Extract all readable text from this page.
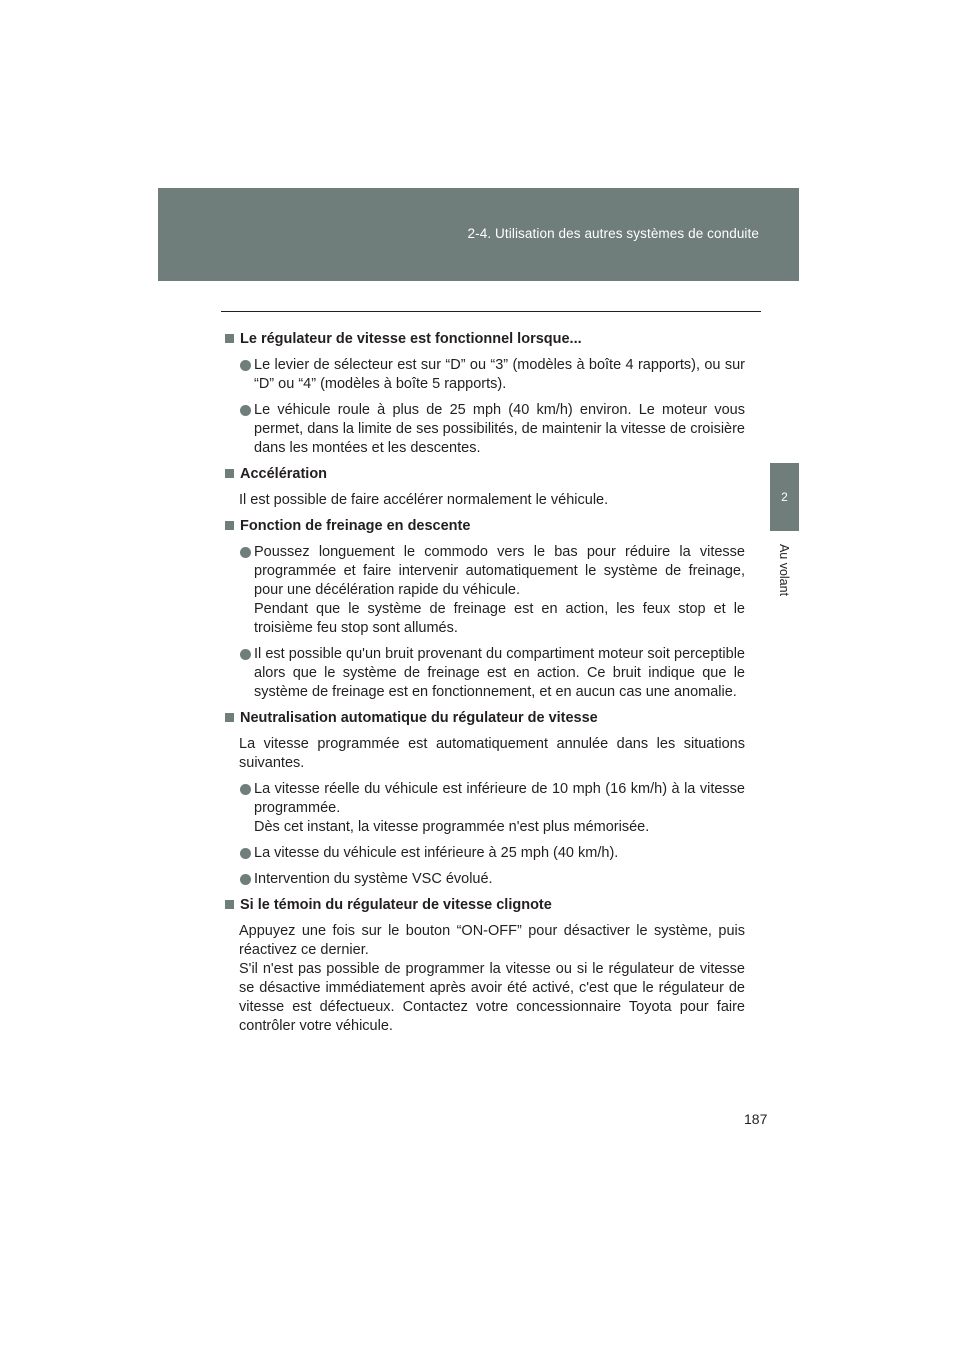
2-4. Utilisation des autres systèmes de conduite
2
Au volant
Le régulateur de vitesse est fonctionnel lorsque...
Le levier de sélecteur est sur “D” ou “3” (modèles à boîte 4 rapports), ou sur “D” ou “4” (modèles à boîte 5 rapports).
Le véhicule roule à plus de 25 mph (40 km/h) environ. Le moteur vous permet, dans la limite de ses possibilités, de maintenir la vitesse de croisière dans les montées et les descentes.
Accélération
Il est possible de faire accélérer normalement le véhicule.
Fonction de freinage en descente
Poussez longuement le commodo vers le bas pour réduire la vitesse programmée et faire intervenir automatiquement le système de freinage, pour une décélération rapide du véhicule.
Pendant que le système de freinage est en action, les feux stop et le troisième feu stop sont allumés.
Il est possible qu'un bruit provenant du compartiment moteur soit perceptible alors que le système de freinage est en action. Ce bruit indique que le système de freinage est en fonctionnement, et en aucun cas une anomalie.
Neutralisation automatique du régulateur de vitesse
La vitesse programmée est automatiquement annulée dans les situations suivantes.
La vitesse réelle du véhicule est inférieure de 10 mph (16 km/h) à la vitesse programmée.
Dès cet instant, la vitesse programmée n'est plus mémorisée.
La vitesse du véhicule est inférieure à 25 mph (40 km/h).
Intervention du système VSC évolué.
Si le témoin du régulateur de vitesse clignote
Appuyez une fois sur le bouton “ON-OFF” pour désactiver le système, puis réactivez ce dernier.
S'il n'est pas possible de programmer la vitesse ou si le régulateur de vitesse se désactive immédiatement après avoir été activé, c'est que le régulateur de vitesse est défectueux. Contactez votre concessionnaire Toyota pour faire contrôler votre véhicule.
187
